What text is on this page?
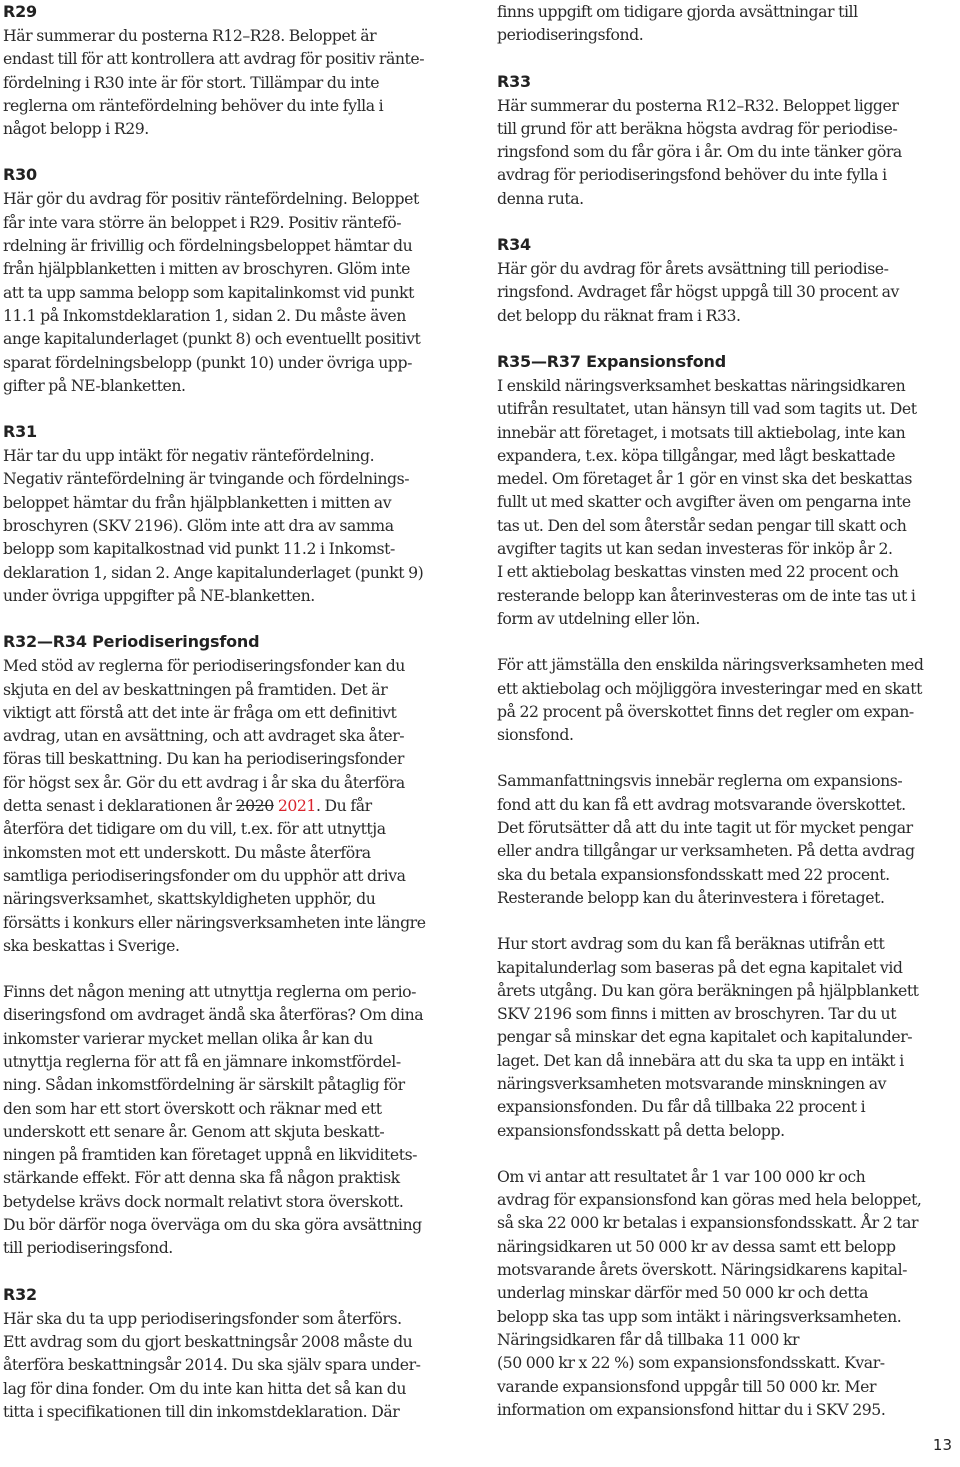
R29
Här summerar du posterna R12–R28. Beloppet är
endast till för att kontrollera att avdrag för positiv ränte-
fördelning i R30 inte är för stort. Tillämpar du inte
reglerna om räntefördelning behöver du inte fylla i
något belopp i R29.
R30
Här gör du avdrag för positiv räntefördelning. Beloppet
får inte vara större än beloppet i R29. Positiv räntefö-
rdelning är frivillig och fördelningsbeloppet hämtar du
från hjälpblanketten i mitten av broschyren. Glöm inte
att ta upp samma belopp som kapitalinkomst vid punkt
11.1 på Inkomstdeklaration 1, sidan 2. Du måste även
ange kapitalunderlaget (punkt 8) och eventuellt positivt
sparat fördelningsbelopp (punkt 10) under övriga upp-
gifter på NE-blanketten.
R31
Här tar du upp intäkt för negativ räntefördelning.
Negativ räntefördelning är tvingande och fördelnings-
beloppet hämtar du från hjälpblanketten i mitten av
broschyren (SKV 2196). Glöm inte att dra av samma
belopp som kapitalkostnad vid punkt 11.2 i Inkomst-
deklaration 1, sidan 2. Ange kapitalunderlaget (punkt 9)
under övriga uppgifter på NE-blanketten.
R32—R34 Periodiseringsfond
Med stöd av reglerna för periodiseringsfonder kan du
skjuta en del av beskattningen på framtiden. Det är
viktigt att förstå att det inte är fråga om ett definitivt
avdrag, utan en avsättning, och att avdraget ska åter-
föras till beskattning. Du kan ha periodiseringsfonder
för högst sex år. Gör du ett avdrag i år ska du återföra
detta senast i deklarationen år 2020 2021. Du får
återföra det tidigare om du vill, t.ex. för att utnyttja
inkomsten mot ett underskott. Du måste återföra
samtliga periodiseringsfonder om du upphör att driva
näringsverksamhet, skattskyldigheten upphör, du
försätts i konkurs eller näringsverksamheten inte längre
ska beskattas i Sverige.
Finns det någon mening att utnyttja reglerna om perio-
diseringsfond om avdraget ändå ska återföras? Om dina
inkomster varierar mycket mellan olika år kan du
utnyttja reglerna för att få en jämnare inkomstfördel-
ning. Sådan inkomstfördelning är särskilt påtaglig för
den som har ett stort överskott och räknar med ett
underskott ett senare år. Genom att skjuta beskatt-
ningen på framtiden kan företaget uppnå en likviditets-
stärkande effekt. För att denna ska få någon praktisk
betydelse krävs dock normalt relativt stora överskott.
Du bör därför noga överväga om du ska göra avsättning
till periodiseringsfond.
R32
Här ska du ta upp periodiseringsfonder som återförs.
Ett avdrag som du gjort beskattningsår 2008 måste du
återföra beskattningsår 2014. Du ska själv spara under-
lag för dina fonder. Om du inte kan hitta det så kan du
titta i specifikationen till din inkomstdeklaration. Där
finns uppgift om tidigare gjorda avsättningar till
periodiseringsfond.
R33
Här summerar du posterna R12–R32. Beloppet ligger
till grund för att beräkna högsta avdrag för periodise-
ringsfond som du får göra i år. Om du inte tänker göra
avdrag för periodiseringsfond behöver du inte fylla i
denna ruta.
R34
Här gör du avdrag för årets avsättning till periodise-
ringsfond. Avdraget får högst uppgå till 30 procent av
det belopp du räknat fram i R33.
R35—R37 Expansionsfond
I enskild näringsverksamhet beskattas näringsidkaren
utifrån resultatet, utan hänsyn till vad som tagits ut. Det
innebär att företaget, i motsats till aktiebolag, inte kan
expandera, t.ex. köpa tillgångar, med lågt beskattade
medel. Om företaget år 1 gör en vinst ska det beskattas
fullt ut med skatter och avgifter även om pengarna inte
tas ut. Den del som återstår sedan pengar till skatt och
avgifter tagits ut kan sedan investeras för inköp år 2.
I ett aktiebolag beskattas vinsten med 22 procent och
resterande belopp kan återinvesteras om de inte tas ut i
form av utdelning eller lön.
För att jämställa den enskilda näringsverksamheten med
ett aktiebolag och möjliggöra investeringar med en skatt
på 22 procent på överskottet finns det regler om expan-
sionsfond.
Sammanfattningsvis innebär reglerna om expansions-
fond att du kan få ett avdrag motsvarande överskottet.
Det förutsätter då att du inte tagit ut för mycket pengar
eller andra tillgångar ur verksamheten. På detta avdrag
ska du betala expansionsfondsskatt med 22 procent.
Resterande belopp kan du återinvestera i företaget.
Hur stort avdrag som du kan få beräknas utifrån ett
kapitalunderlag som baseras på det egna kapitalet vid
årets utgång. Du kan göra beräkningen på hjälpblankett
SKV 2196 som finns i mitten av broschyren. Tar du ut
pengar så minskar det egna kapitalet och kapitalunder-
laget. Det kan då innebära att du ska ta upp en intäkt i
näringsverksamheten motsvarande minskningen av
expansionsfonden. Du får då tillbaka 22 procent i
expansionsfondsskatt på detta belopp.
Om vi antar att resultatet år 1 var 100 000 kr och
avdrag för expansionsfond kan göras med hela beloppet,
så ska 22 000 kr betalas i expansionsfondsskatt. År 2 tar
näringsidkaren ut 50 000 kr av dessa samt ett belopp
motsvarande årets överskott. Näringsidkarens kapital-
underlag minskar därför med 50 000 kr och detta
belopp ska tas upp som intäkt i näringsverksamheten.
Näringsidkaren får då tillbaka 11 000 kr
(50 000 kr x 22 %) som expansionsfondsskatt. Kvar-
varande expansionsfond uppgår till 50 000 kr. Mer
information om expansionsfond hittar du i SKV 295.
13
